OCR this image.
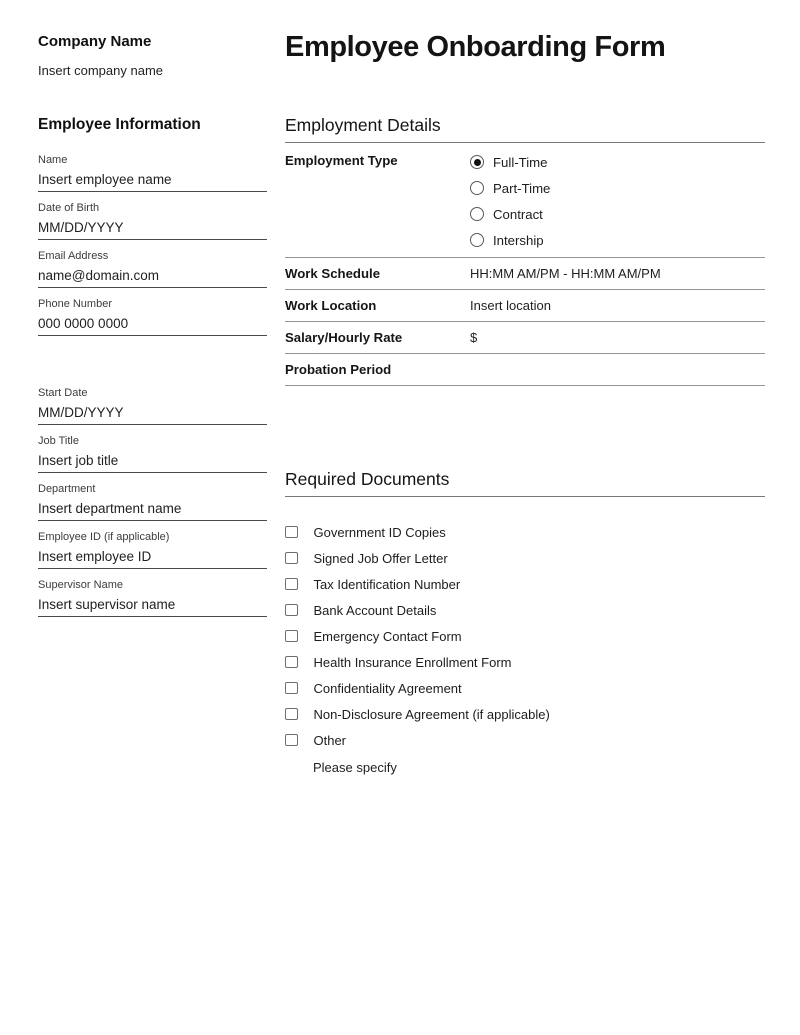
Company Name
Insert company name
Employee Information
Name
Insert employee name
Date of Birth
MM/DD/YYYY
Email Address
name@domain.com
Phone Number
000 0000 0000
Start Date
MM/DD/YYYY
Job Title
Insert job title
Department
Insert department name
Employee ID (if applicable)
Insert employee ID
Supervisor Name
Insert supervisor name
Employee Onboarding Form
Employment Details
Employment Type	Full-Time
Part-Time
Contract
Intership
Work Schedule	HH:MM AM/PM - HH:MM AM/PM
Work Location	Insert location
Salary/Hourly Rate	$
Probation Period
Required Documents
Government ID Copies
Signed Job Offer Letter
Tax Identification Number
Bank Account Details
Emergency Contact Form
Health Insurance Enrollment Form
Confidentiality Agreement
Non-Disclosure Agreement (if applicable)
Other
Please specify
